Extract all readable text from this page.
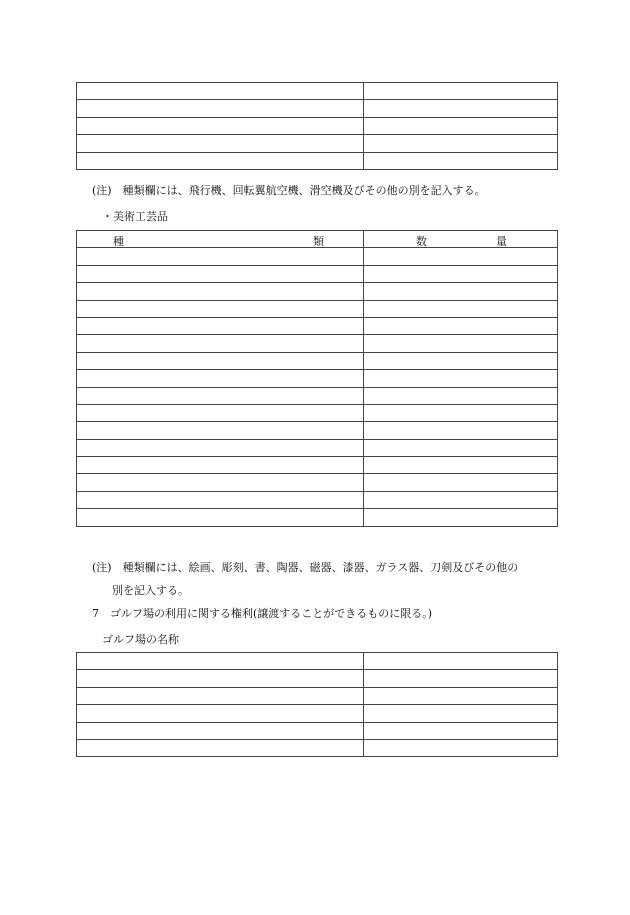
(注)　種類欄には、飛行機、回転翼航空機、滑空機及びその他の別を記入する。
・美術工芸品
種 類	数 量

(注)　種類欄には、絵画、彫刻、書、陶器、磁器、漆器、ガラス器、刀剣及びその他の
別を記入する。
7　ゴルフ場の利用に関する権利(譲渡することができるものに限る。)
ゴルフ場の名称
